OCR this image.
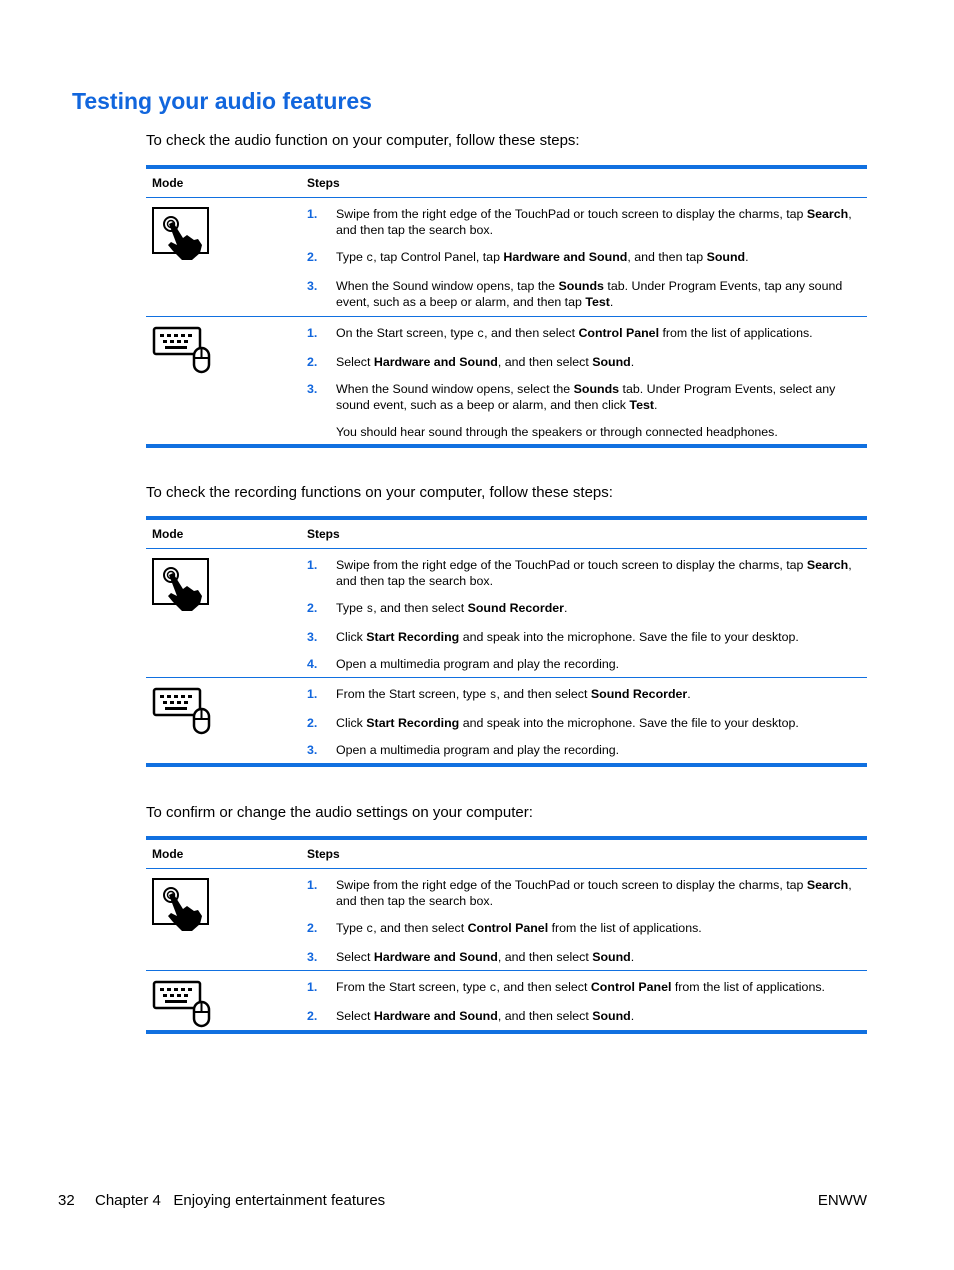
Testing your audio features

To check the audio function on your computer, follow these steps:

Mode	Steps
1.	Swipe from the right edge of the TouchPad or touch screen to display the charms, tap Search, and then tap the search box.
2.	Type c, tap Control Panel, tap Hardware and Sound, and then tap Sound.
3.	When the Sound window opens, tap the Sounds tab. Under Program Events, tap any sound event, such as a beep or alarm, and then tap Test.
1.	On the Start screen, type c, and then select Control Panel from the list of applications.
2.	Select Hardware and Sound, and then select Sound.
3.	When the Sound window opens, select the Sounds tab. Under Program Events, select any sound event, such as a beep or alarm, and then click Test.
You should hear sound through the speakers or through connected headphones.

To check the recording functions on your computer, follow these steps:

Mode	Steps
1.	Swipe from the right edge of the TouchPad or touch screen to display the charms, tap Search, and then tap the search box.
2.	Type s, and then select Sound Recorder.
3.	Click Start Recording and speak into the microphone. Save the file to your desktop.
4.	Open a multimedia program and play the recording.
1.	From the Start screen, type s, and then select Sound Recorder.
2.	Click Start Recording and speak into the microphone. Save the file to your desktop.
3.	Open a multimedia program and play the recording.

To confirm or change the audio settings on your computer:

Mode	Steps
1.	Swipe from the right edge of the TouchPad or touch screen to display the charms, tap Search, and then tap the search box.
2.	Type c, and then select Control Panel from the list of applications.
3.	Select Hardware and Sound, and then select Sound.
1.	From the Start screen, type c, and then select Control Panel from the list of applications.
2.	Select Hardware and Sound, and then select Sound.
32	Chapter 4   Enjoying entertainment features	ENWW
